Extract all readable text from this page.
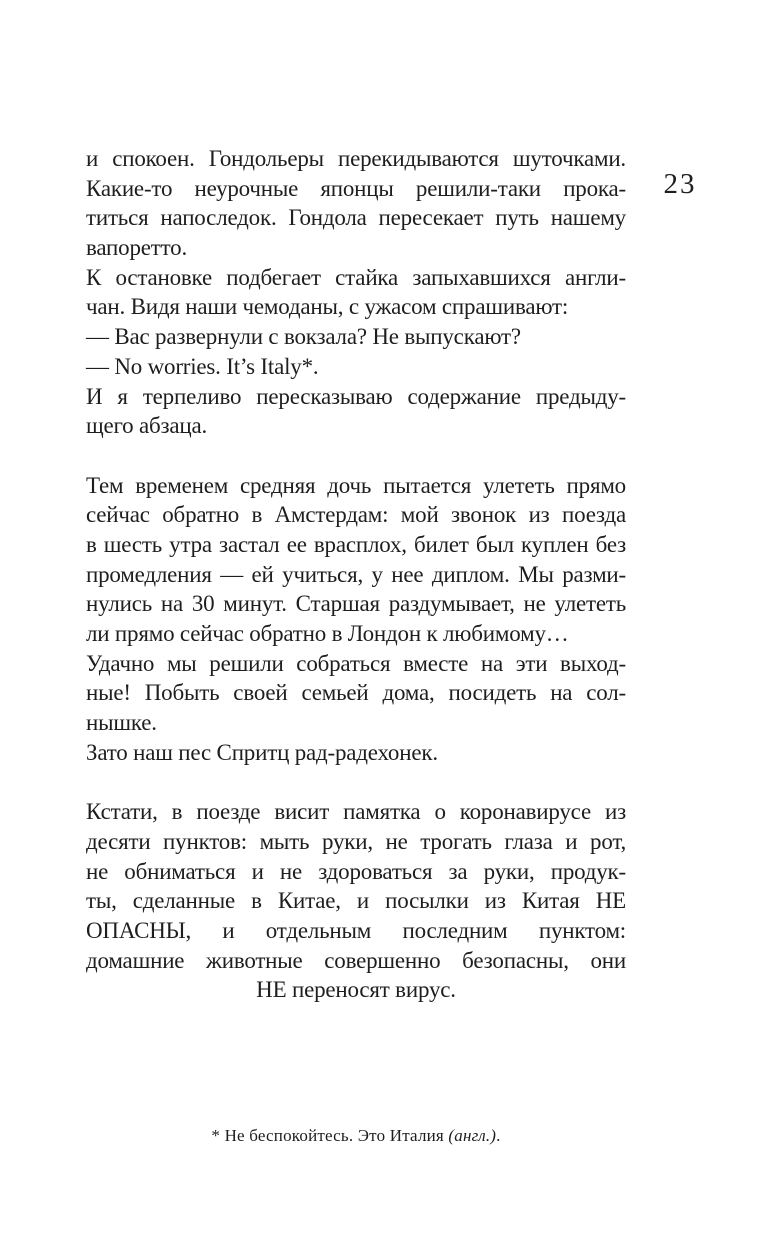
23
и спокоен. Гондольеры перекидываются шуточками.
Какие-то неурочные японцы решили-таки прока-
титься напоследок. Гондола пересекает путь нашему
вапоретто.
К остановке подбегает стайка запыхавшихся англи-
чан. Видя наши чемоданы, с ужасом спрашивают:
— Вас развернули с вокзала? Не выпускают?
— No worries. It’s Italy*.
И я терпеливо пересказываю содержание предыду-
щего абзаца.
Тем временем средняя дочь пытается улететь прямо
сейчас обратно в Амстердам: мой звонок из поезда
в шесть утра застал ее врасплох, билет был куплен без
промедления — ей учиться, у нее диплом. Мы разми-
нулись на 30 минут. Старшая раздумывает, не улететь
ли прямо сейчас обратно в Лондон к любимому…
Удачно мы решили собраться вместе на эти выход-
ные! Побыть своей семьей дома, посидеть на сол-
нышке.
Зато наш пес Спритц рад-радехонек.
Кстати, в поезде висит памятка о коронавирусе из
десяти пунктов: мыть руки, не трогать глаза и рот,
не обниматься и не здороваться за руки, продук-
ты, сделанные в Китае, и посылки из Китая НЕ
ОПАСНЫ, и отдельным последним пунктом:
домашние животные совершенно безопасны, они
НЕ переносят вирус.
* Не беспокойтесь. Это Италия (англ.).
